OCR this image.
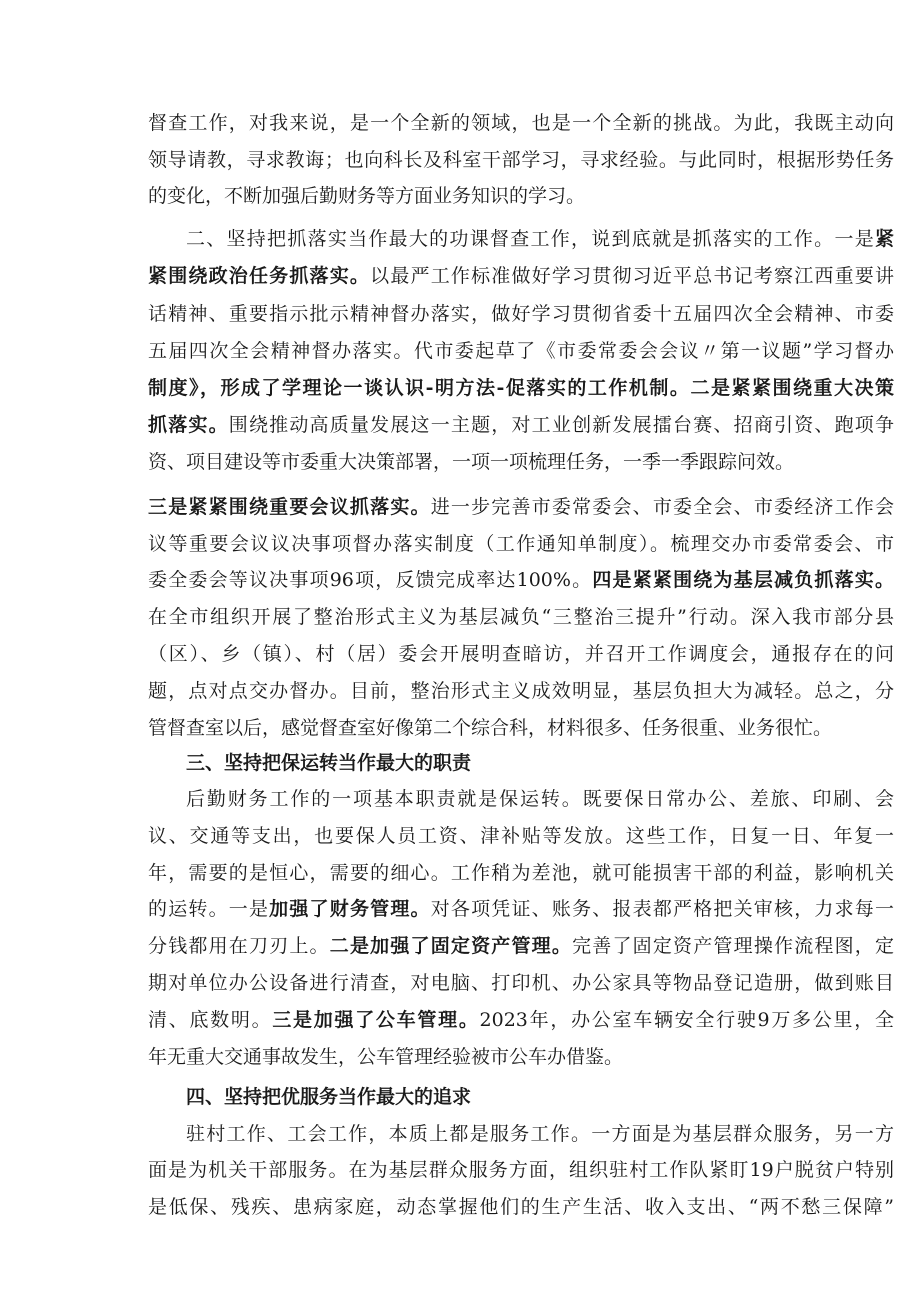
督查工作，对我来说，是一个全新的领域，也是一个全新的挑战。为此，我既主动向
领导请教，寻求教诲；也向科长及科室干部学习，寻求经验。与此同时，根据形势任务
的变化，不断加强后勤财务等方面业务知识的学习。
二、坚持把抓落实当作最大的功课督查工作，说到底就是抓落实的工作。一是紧
紧围绕政治任务抓落实。以最严工作标准做好学习贯彻习近平总书记考察江西重要讲
话精神、重要指示批示精神督办落实，做好学习贯彻省委十五届四次全会精神、市委
五届四次全会精神督办落实。代市委起草了《市委常委会会议〃第一议题”学习督办
制度》，形成了学理论一谈认识-明方法-促落实的工作机制。二是紧紧围绕重大决策
抓落实。围绕推动高质量发展这一主题，对工业创新发展擂台赛、招商引资、跑项争
资、项目建设等市委重大决策部署，一项一项梳理任务，一季一季跟踪问效。
三是紧紧围绕重要会议抓落实。进一步完善市委常委会、市委全会、市委经济工作会
议等重要会议议决事项督办落实制度（工作通知单制度）。梳理交办市委常委会、市
委全委会等议决事项96项，反馈完成率达100%。四是紧紧围绕为基层减负抓落实。
在全市组织开展了整治形式主义为基层减负“三整治三提升”行动。深入我市部分县
（区）、乡（镇）、村（居）委会开展明查暗访，并召开工作调度会，通报存在的问
题，点对点交办督办。目前，整治形式主义成效明显，基层负担大为减轻。总之，分
管督查室以后，感觉督查室好像第二个综合科，材料很多、任务很重、业务很忙。
三、坚持把保运转当作最大的职责
后勤财务工作的一项基本职责就是保运转。既要保日常办公、差旅、印刷、会
议、交通等支出，也要保人员工资、津补贴等发放。这些工作，日复一日、年复一
年，需要的是恒心，需要的细心。工作稍为差池，就可能损害干部的利益，影响机关
的运转。一是加强了财务管理。对各项凭证、账务、报表都严格把关审核，力求每一
分钱都用在刀刃上。二是加强了固定资产管理。完善了固定资产管理操作流程图，定
期对单位办公设备进行清查，对电脑、打印机、办公家具等物品登记造册，做到账目
清、底数明。三是加强了公车管理。2023年，办公室车辆安全行驶9万多公里，全
年无重大交通事故发生，公车管理经验被市公车办借鉴。
四、坚持把优服务当作最大的追求
驻村工作、工会工作，本质上都是服务工作。一方面是为基层群众服务，另一方
面是为机关干部服务。在为基层群众服务方面，组织驻村工作队紧盯19户脱贫户特别
是低保、残疾、患病家庭，动态掌握他们的生产生活、收入支出、“两不愁三保障”
